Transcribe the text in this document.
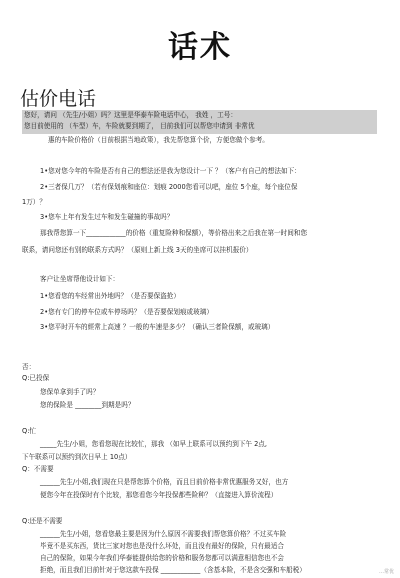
话术
估价电话
您好，请问 （先生/小姐）吗？这里是华泰车险电话中心， 我姓 ，工号：
您目前使用的 （车型）车，车险就要到期了， 目前我们可以帮您申请到 非常优
惠的车险价格价（目前根据当地政策），我先帮您算个价，方便您做个参考。
1•您对您今年的车险是否有自己的想法还是我为您设计一下 ？（客户有自己的想法如下：
2•三者保几万？（若有保划痕和座位：划痕 2000您看可以吧，座位 5个座，每个座位保
1万）？
3•您车上年有发生过车和发生碰撞的事故吗？
那我帮您算一下____________的价格（重复险种和保额），等价格出来之后我在第一时间和您
联系，请问您还有别的联系方式吗？（原则上新上线 3天的坐席可以挂机报价）
客户让坐席帮他设计如下：
1•您看您的车经常出外地吗？（是否要保盗抢）
2•您有专门的停车位或车停场吗？（是否要保划痕或玻璃）
3•您平时开车的經常上高速 ？一般的车速是多少？（确认三者险保额，或玻璃）
否：
Q:已投保
您保单拿到手了吗？
您的保险是 ________到期是吗？
Q:忙
_____先生/小姐，您看您现在比较忙，那我 （如早上联系可以预约到下午 2点,
下午联系可以预约到次日早上 10点）
Q：不需要
______先生/小姐,我们现在只是帮您算个价格，而且目前价格非常优惠服务又好，也方
便您今年在投保时有个比较，那您看您今年投保都些险种？（直接进入算价流程）
Q:还是不需要
______先生/小姐，您看您最主要是因为什么原因不需要我们帮您算价格？不过买车险
毕竟不是买东西，货比三家对您也是没什么坏处，而且没有最好的保险，只有最适合
自己的保险，如果今年我们华泰能提供给您的价格和服务您都可以满意相信您也不会
拒绝，而且我们目前针对于您这款车投保 ____________（含基本险，不是含交强和车船税）	…常优
